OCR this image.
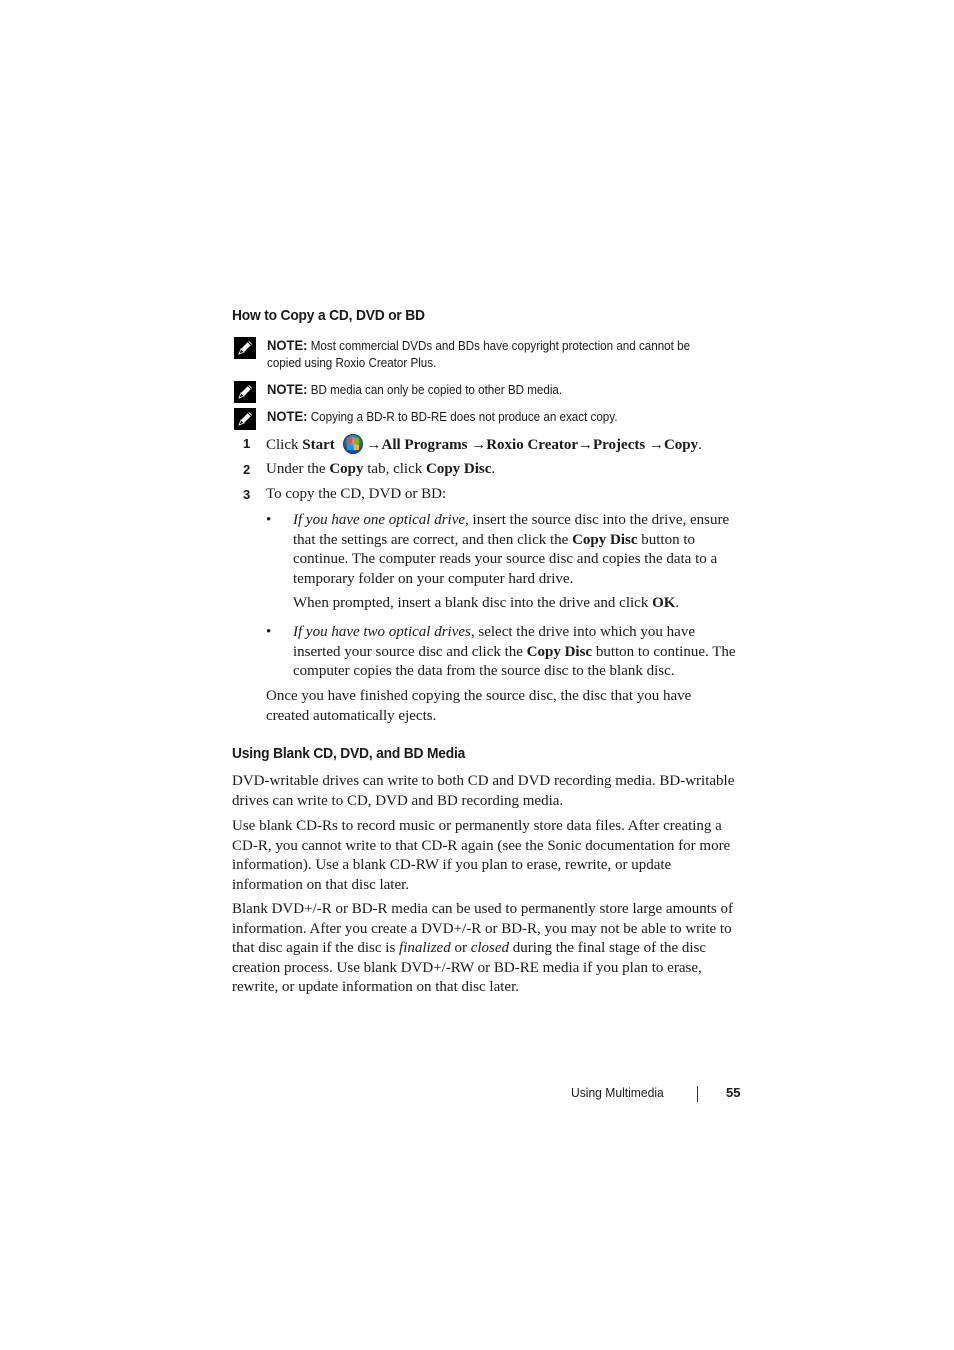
How to Copy a CD, DVD or BD
NOTE: Most commercial DVDs and BDs have copyright protection and cannot be copied using Roxio Creator Plus.
NOTE: BD media can only be copied to other BD media.
NOTE: Copying a BD-R to BD-RE does not produce an exact copy.
1 Click Start →All Programs →Roxio Creator→Projects →Copy.
2 Under the Copy tab, click Copy Disc.
3 To copy the CD, DVD or BD:
• If you have one optical drive, insert the source disc into the drive, ensure that the settings are correct, and then click the Copy Disc button to continue. The computer reads your source disc and copies the data to a temporary folder on your computer hard drive.
When prompted, insert a blank disc into the drive and click OK.
• If you have two optical drives, select the drive into which you have inserted your source disc and click the Copy Disc button to continue. The computer copies the data from the source disc to the blank disc.
Once you have finished copying the source disc, the disc that you have created automatically ejects.
Using Blank CD, DVD, and BD Media
DVD-writable drives can write to both CD and DVD recording media. BD-writable drives can write to CD, DVD and BD recording media.
Use blank CD-Rs to record music or permanently store data files. After creating a CD-R, you cannot write to that CD-R again (see the Sonic documentation for more information). Use a blank CD-RW if you plan to erase, rewrite, or update information on that disc later.
Blank DVD+/-R or BD-R media can be used to permanently store large amounts of information. After you create a DVD+/-R or BD-R, you may not be able to write to that disc again if the disc is finalized or closed during the final stage of the disc creation process. Use blank DVD+/-RW or BD-RE media if you plan to erase, rewrite, or update information on that disc later.
Using Multimedia	55
